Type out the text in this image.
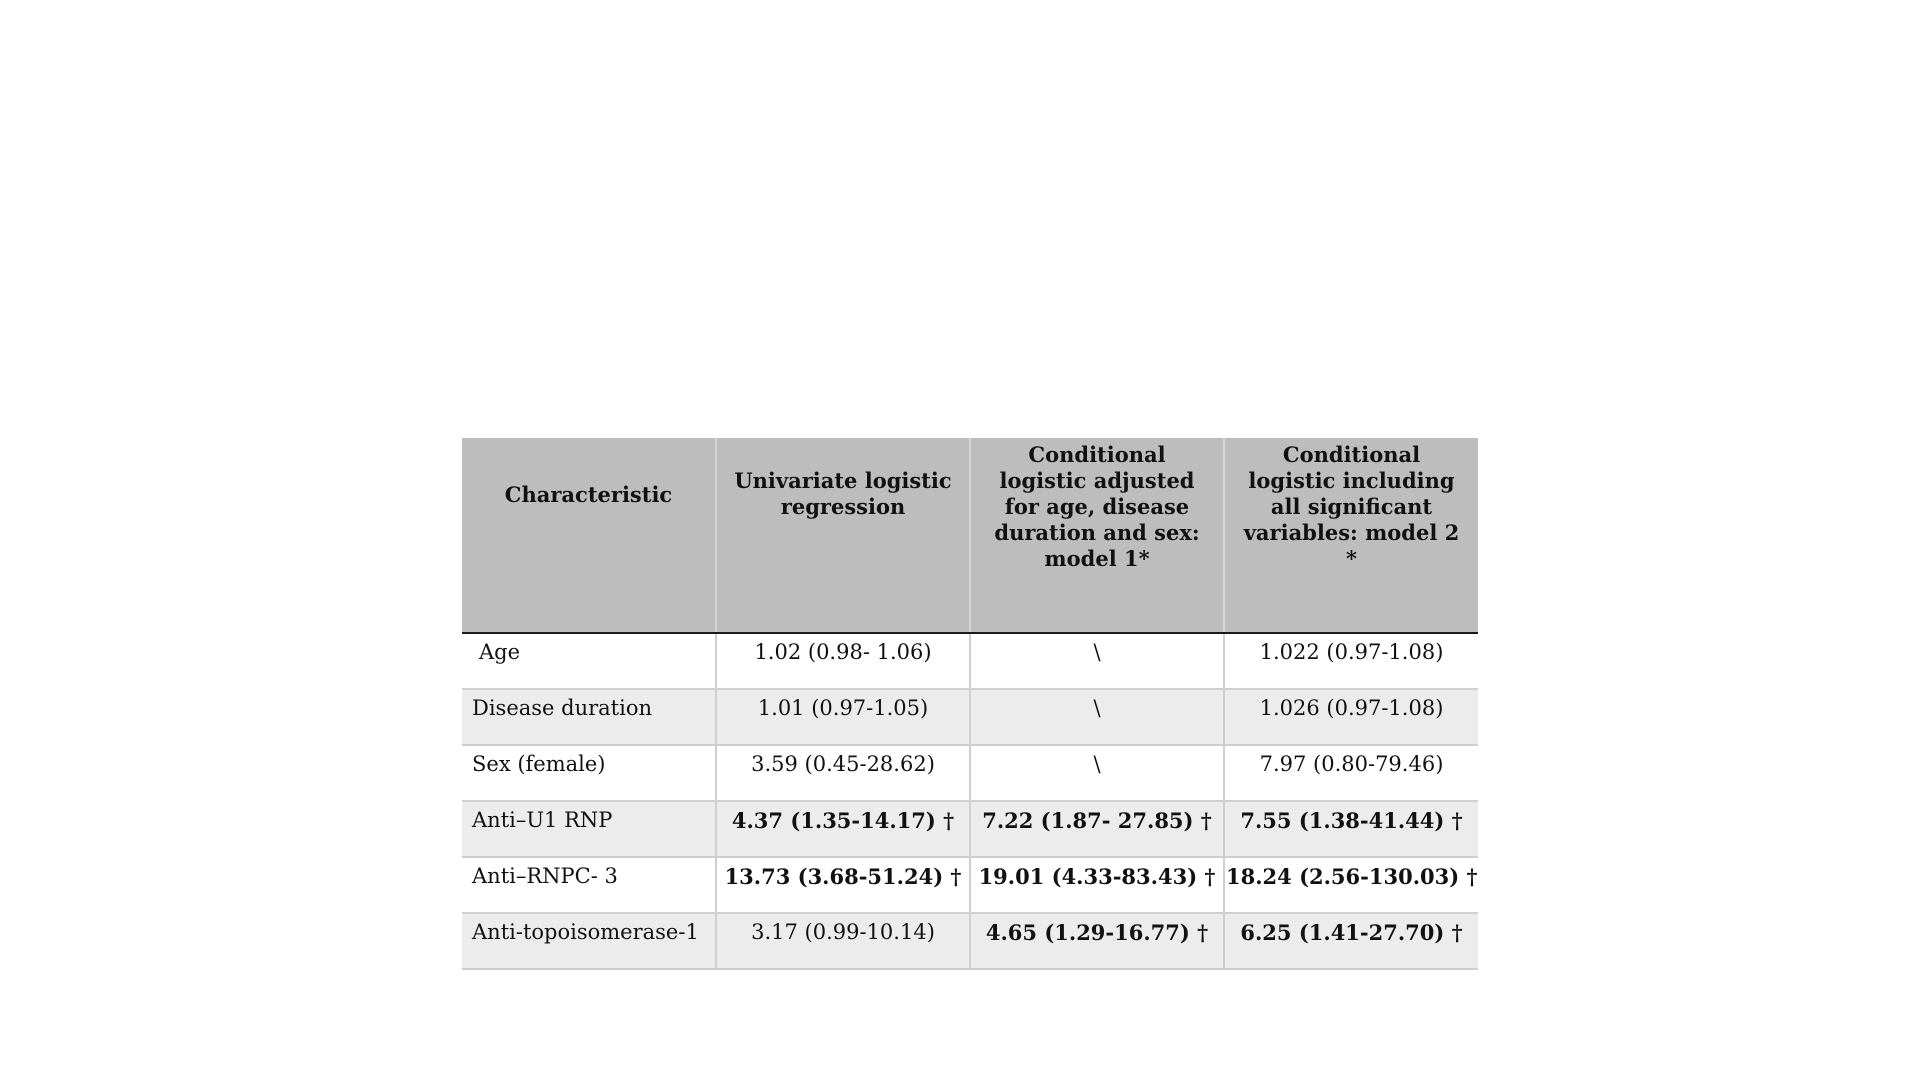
Characteristic	Univariate logistic regression	Conditional logistic adjusted for age, disease duration and sex: model 1*	Conditional logistic including all significant variables: model 2 *
Age	1.02 (0.98- 1.06)	\	1.022 (0.97-1.08)
Disease duration	1.01 (0.97-1.05)	\	1.026 (0.97-1.08)
Sex (female)	3.59 (0.45-28.62)	\	7.97 (0.80-79.46)
Anti–U1 RNP	4.37 (1.35-14.17) †	7.22 (1.87- 27.85) †	7.55 (1.38-41.44) †
Anti–RNPC- 3	13.73 (3.68-51.24) †	19.01 (4.33-83.43) †	18.24 (2.56-130.03) †
Anti-topoisomerase-1	3.17 (0.99-10.14)	4.65 (1.29-16.77) †	6.25 (1.41-27.70) †
